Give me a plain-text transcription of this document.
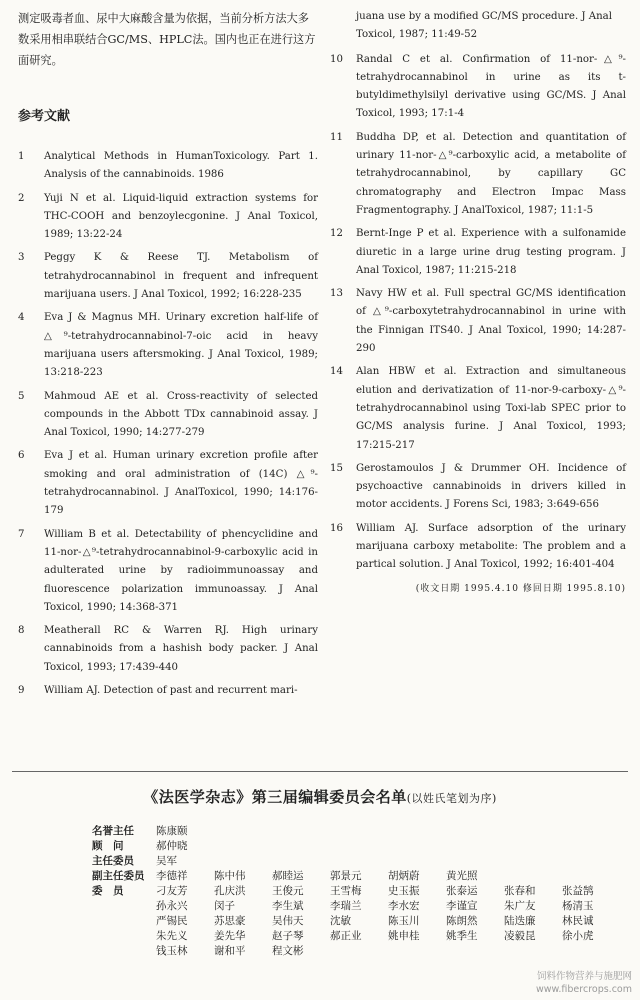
测定吸毒者血、尿中大麻酸含量为依据，当前分析方法大多数采用相串联结合GC/MS、HPLC法。国内也正在进行这方面研究。

参考文献
1	Analytical Methods in HumanToxicology. Part 1. Analysis of the cannabinoids. 1986
2	Yuji N et al. Liquid-liquid extraction systems for THC-COOH and benzoylecgonine. J Anal Toxicol, 1989; 13:22-24
3	Peggy K & Reese TJ. Metabolism of tetrahydrocannabinol in frequent and infrequent marijuana users. J Anal Toxicol, 1992; 16:228-235
4	Eva J & Magnus MH. Urinary excretion half-life of △⁹-tetrahydrocannabinol-7-oic acid in heavy marijuana users aftersmoking. J Anal Toxicol, 1989; 13:218-223
5	Mahmoud AE et al. Cross-reactivity of selected compounds in the Abbott TDx cannabinoid assay. J Anal Toxicol, 1990; 14:277-279
6	Eva J et al. Human urinary excretion profile after smoking and oral administration of (14C) △⁹-tetrahydrocannabinol. J AnalToxicol, 1990; 14:176-179
7	William B et al. Detectability of phencyclidine and 11-nor-△⁹-tetrahydrocannabinol-9-carboxylic acid in adulterated urine by radioimmunoassay and fluorescence polarization immunoassay. J Anal Toxicol, 1990; 14:368-371
8	Meatherall RC & Warren RJ. High urinary cannabinoids from a hashish body packer. J Anal Toxicol, 1993; 17:439-440
9	William AJ. Detection of past and recurrent mari-
juana use by a modified GC/MS procedure. J Anal Toxicol, 1987; 11:49-52
10	Randal C et al. Confirmation of 11-nor-△⁹-tetrahydrocannabinol in urine as its t-butyldimethylsilyl derivative using GC/MS. J Anal Toxicol, 1993; 17:1-4
11	Buddha DP, et al. Detection and quantitation of urinary 11-nor-△⁹-carboxylic acid, a metabolite of tetrahydrocannabinol, by capillary GC chromatography and Electron Impac Mass Fragmentography. J AnalToxicol, 1987; 11:1-5
12	Bernt-Inge P et al. Experience with a sulfonamide diuretic in a large urine drug testing program. J Anal Toxicol, 1987; 11:215-218
13	Navy HW et al. Full spectral GC/MS identification of △⁹-carboxytetrahydrocannabinol in urine with the Finnigan ITS40. J Anal Toxicol, 1990; 14:287-290
14	Alan HBW et al. Extraction and simultaneous elution and derivatization of 11-nor-9-carboxy-△⁹-tetrahydrocannabinol using Toxi-lab SPEC prior to GC/MS analysis furine. J Anal Toxicol, 1993; 17:215-217
15	Gerostamoulos J & Drummer OH. Incidence of psychoactive cannabinoids in drivers killed in motor accidents. J Forens Sci, 1983; 3:649-656
16	William AJ. Surface adsorption of the urinary marijuana carboxy metabolite: The problem and a partical solution. J Anal Toxicol, 1992; 16:401-404
(收文日期 1995.4.10 修回日期 1995.8.10)
《法医学杂志》第三届编辑委员会名单(以姓氏笔划为序)
名誉主任	陈康颐
顾　问	郝仲晓
主任委员	吴军
副主任委员	李德祥	陈中伟	郝睦运	郭景元	胡炳蔚	黄光照
委　员	刁友芳	孔庆洪	王俊元	王雪梅	史玉振	张泰运	张春和	张益鹄
孙永兴	闵子	李生斌	李瑞兰	李水宏	李谨宣	朱广友	杨清玉
严锡民	苏思豪	吴伟天	沈敏	陈玉川	陈朗然	陆迭廉	林民诚
朱先义	姜先华	赵子琴	郝正业	姚申桂	姚季生	凌毅昆	徐小虎
钱玉林	谢和平	程文彬
饲料作物营养与施肥网
www.fibercrops.com
